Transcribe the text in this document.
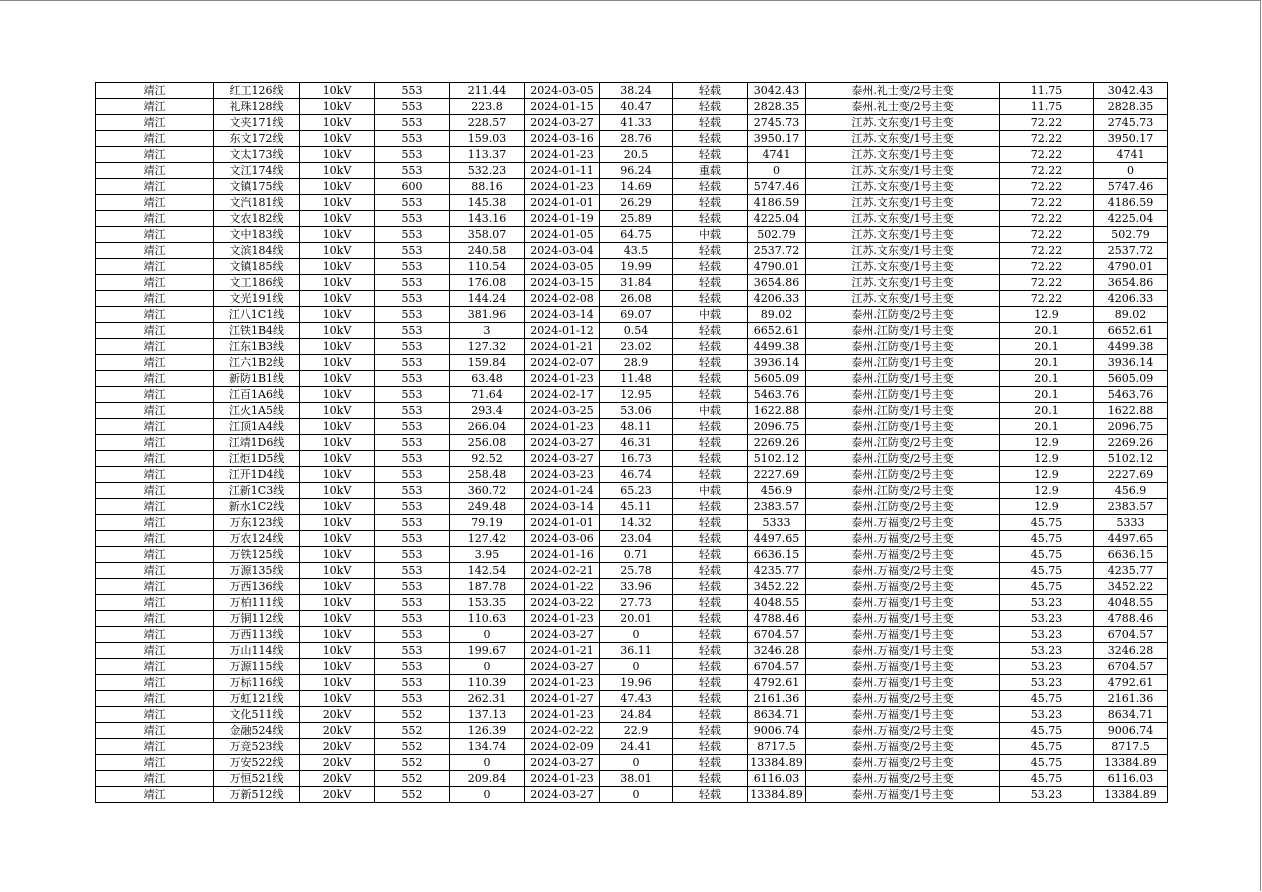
靖江	红工126线	10kV	553	211.44	2024-03-05	38.24	轻载	3042.43	泰州.礼士变/2号主变	11.75	3042.43
靖江	礼珠128线	10kV	553	223.8	2024-01-15	40.47	轻载	2828.35	泰州.礼士变/2号主变	11.75	2828.35
靖江	文夹171线	10kV	553	228.57	2024-03-27	41.33	轻载	2745.73	江苏.文东变/1号主变	72.22	2745.73
靖江	东文172线	10kV	553	159.03	2024-03-16	28.76	轻载	3950.17	江苏.文东变/1号主变	72.22	3950.17
靖江	文太173线	10kV	553	113.37	2024-01-23	20.5	轻载	4741	江苏.文东变/1号主变	72.22	4741
靖江	文江174线	10kV	553	532.23	2024-01-11	96.24	重载	0	江苏.文东变/1号主变	72.22	0
靖江	文镇175线	10kV	600	88.16	2024-01-23	14.69	轻载	5747.46	江苏.文东变/1号主变	72.22	5747.46
靖江	文汽181线	10kV	553	145.38	2024-01-01	26.29	轻载	4186.59	江苏.文东变/1号主变	72.22	4186.59
靖江	文农182线	10kV	553	143.16	2024-01-19	25.89	轻载	4225.04	江苏.文东变/1号主变	72.22	4225.04
靖江	文中183线	10kV	553	358.07	2024-01-05	64.75	中载	502.79	江苏.文东变/1号主变	72.22	502.79
靖江	文滨184线	10kV	553	240.58	2024-03-04	43.5	轻载	2537.72	江苏.文东变/1号主变	72.22	2537.72
靖江	文镇185线	10kV	553	110.54	2024-03-05	19.99	轻载	4790.01	江苏.文东变/1号主变	72.22	4790.01
靖江	文工186线	10kV	553	176.08	2024-03-15	31.84	轻载	3654.86	江苏.文东变/1号主变	72.22	3654.86
靖江	文光191线	10kV	553	144.24	2024-02-08	26.08	轻载	4206.33	江苏.文东变/1号主变	72.22	4206.33
靖江	江八1C1线	10kV	553	381.96	2024-03-14	69.07	中载	89.02	泰州.江防变/2号主变	12.9	89.02
靖江	江铁1B4线	10kV	553	3	2024-01-12	0.54	轻载	6652.61	泰州.江防变/1号主变	20.1	6652.61
靖江	江东1B3线	10kV	553	127.32	2024-01-21	23.02	轻载	4499.38	泰州.江防变/1号主变	20.1	4499.38
靖江	江六1B2线	10kV	553	159.84	2024-02-07	28.9	轻载	3936.14	泰州.江防变/1号主变	20.1	3936.14
靖江	新防1B1线	10kV	553	63.48	2024-01-23	11.48	轻载	5605.09	泰州.江防变/1号主变	20.1	5605.09
靖江	江百1A6线	10kV	553	71.64	2024-02-17	12.95	轻载	5463.76	泰州.江防变/1号主变	20.1	5463.76
靖江	江火1A5线	10kV	553	293.4	2024-03-25	53.06	中载	1622.88	泰州.江防变/1号主变	20.1	1622.88
靖江	江顶1A4线	10kV	553	266.04	2024-01-23	48.11	轻载	2096.75	泰州.江防变/1号主变	20.1	2096.75
靖江	江靖1D6线	10kV	553	256.08	2024-03-27	46.31	轻载	2269.26	泰州.江防变/2号主变	12.9	2269.26
靖江	江炬1D5线	10kV	553	92.52	2024-03-27	16.73	轻载	5102.12	泰州.江防变/2号主变	12.9	5102.12
靖江	江开1D4线	10kV	553	258.48	2024-03-23	46.74	轻载	2227.69	泰州.江防变/2号主变	12.9	2227.69
靖江	江新1C3线	10kV	553	360.72	2024-01-24	65.23	中载	456.9	泰州.江防变/2号主变	12.9	456.9
靖江	新水1C2线	10kV	553	249.48	2024-03-14	45.11	轻载	2383.57	泰州.江防变/2号主变	12.9	2383.57
靖江	万东123线	10kV	553	79.19	2024-01-01	14.32	轻载	5333	泰州.万福变/2号主变	45.75	5333
靖江	万农124线	10kV	553	127.42	2024-03-06	23.04	轻载	4497.65	泰州.万福变/2号主变	45.75	4497.65
靖江	万铁125线	10kV	553	3.95	2024-01-16	0.71	轻载	6636.15	泰州.万福变/2号主变	45.75	6636.15
靖江	万源135线	10kV	553	142.54	2024-02-21	25.78	轻载	4235.77	泰州.万福变/2号主变	45.75	4235.77
靖江	万西136线	10kV	553	187.78	2024-01-22	33.96	轻载	3452.22	泰州.万福变/2号主变	45.75	3452.22
靖江	万柏111线	10kV	553	153.35	2024-03-22	27.73	轻载	4048.55	泰州.万福变/1号主变	53.23	4048.55
靖江	万铜112线	10kV	553	110.63	2024-01-23	20.01	轻载	4788.46	泰州.万福变/1号主变	53.23	4788.46
靖江	万西113线	10kV	553	0	2024-03-27	0	轻载	6704.57	泰州.万福变/1号主变	53.23	6704.57
靖江	万山114线	10kV	553	199.67	2024-01-21	36.11	轻载	3246.28	泰州.万福变/1号主变	53.23	3246.28
靖江	万源115线	10kV	553	0	2024-03-27	0	轻载	6704.57	泰州.万福变/1号主变	53.23	6704.57
靖江	万标116线	10kV	553	110.39	2024-01-23	19.96	轻载	4792.61	泰州.万福变/1号主变	53.23	4792.61
靖江	万虹121线	10kV	553	262.31	2024-01-27	47.43	轻载	2161.36	泰州.万福变/2号主变	45.75	2161.36
靖江	文化511线	20kV	552	137.13	2024-01-23	24.84	轻载	8634.71	泰州.万福变/1号主变	53.23	8634.71
靖江	金融524线	20kV	552	126.39	2024-02-22	22.9	轻载	9006.74	泰州.万福变/2号主变	45.75	9006.74
靖江	万竞523线	20kV	552	134.74	2024-02-09	24.41	轻载	8717.5	泰州.万福变/2号主变	45.75	8717.5
靖江	万安522线	20kV	552	0	2024-03-27	0	轻载	13384.89	泰州.万福变/2号主变	45.75	13384.89
靖江	万恒521线	20kV	552	209.84	2024-01-23	38.01	轻载	6116.03	泰州.万福变/2号主变	45.75	6116.03
靖江	万新512线	20kV	552	0	2024-03-27	0	轻载	13384.89	泰州.万福变/1号主变	53.23	13384.89
